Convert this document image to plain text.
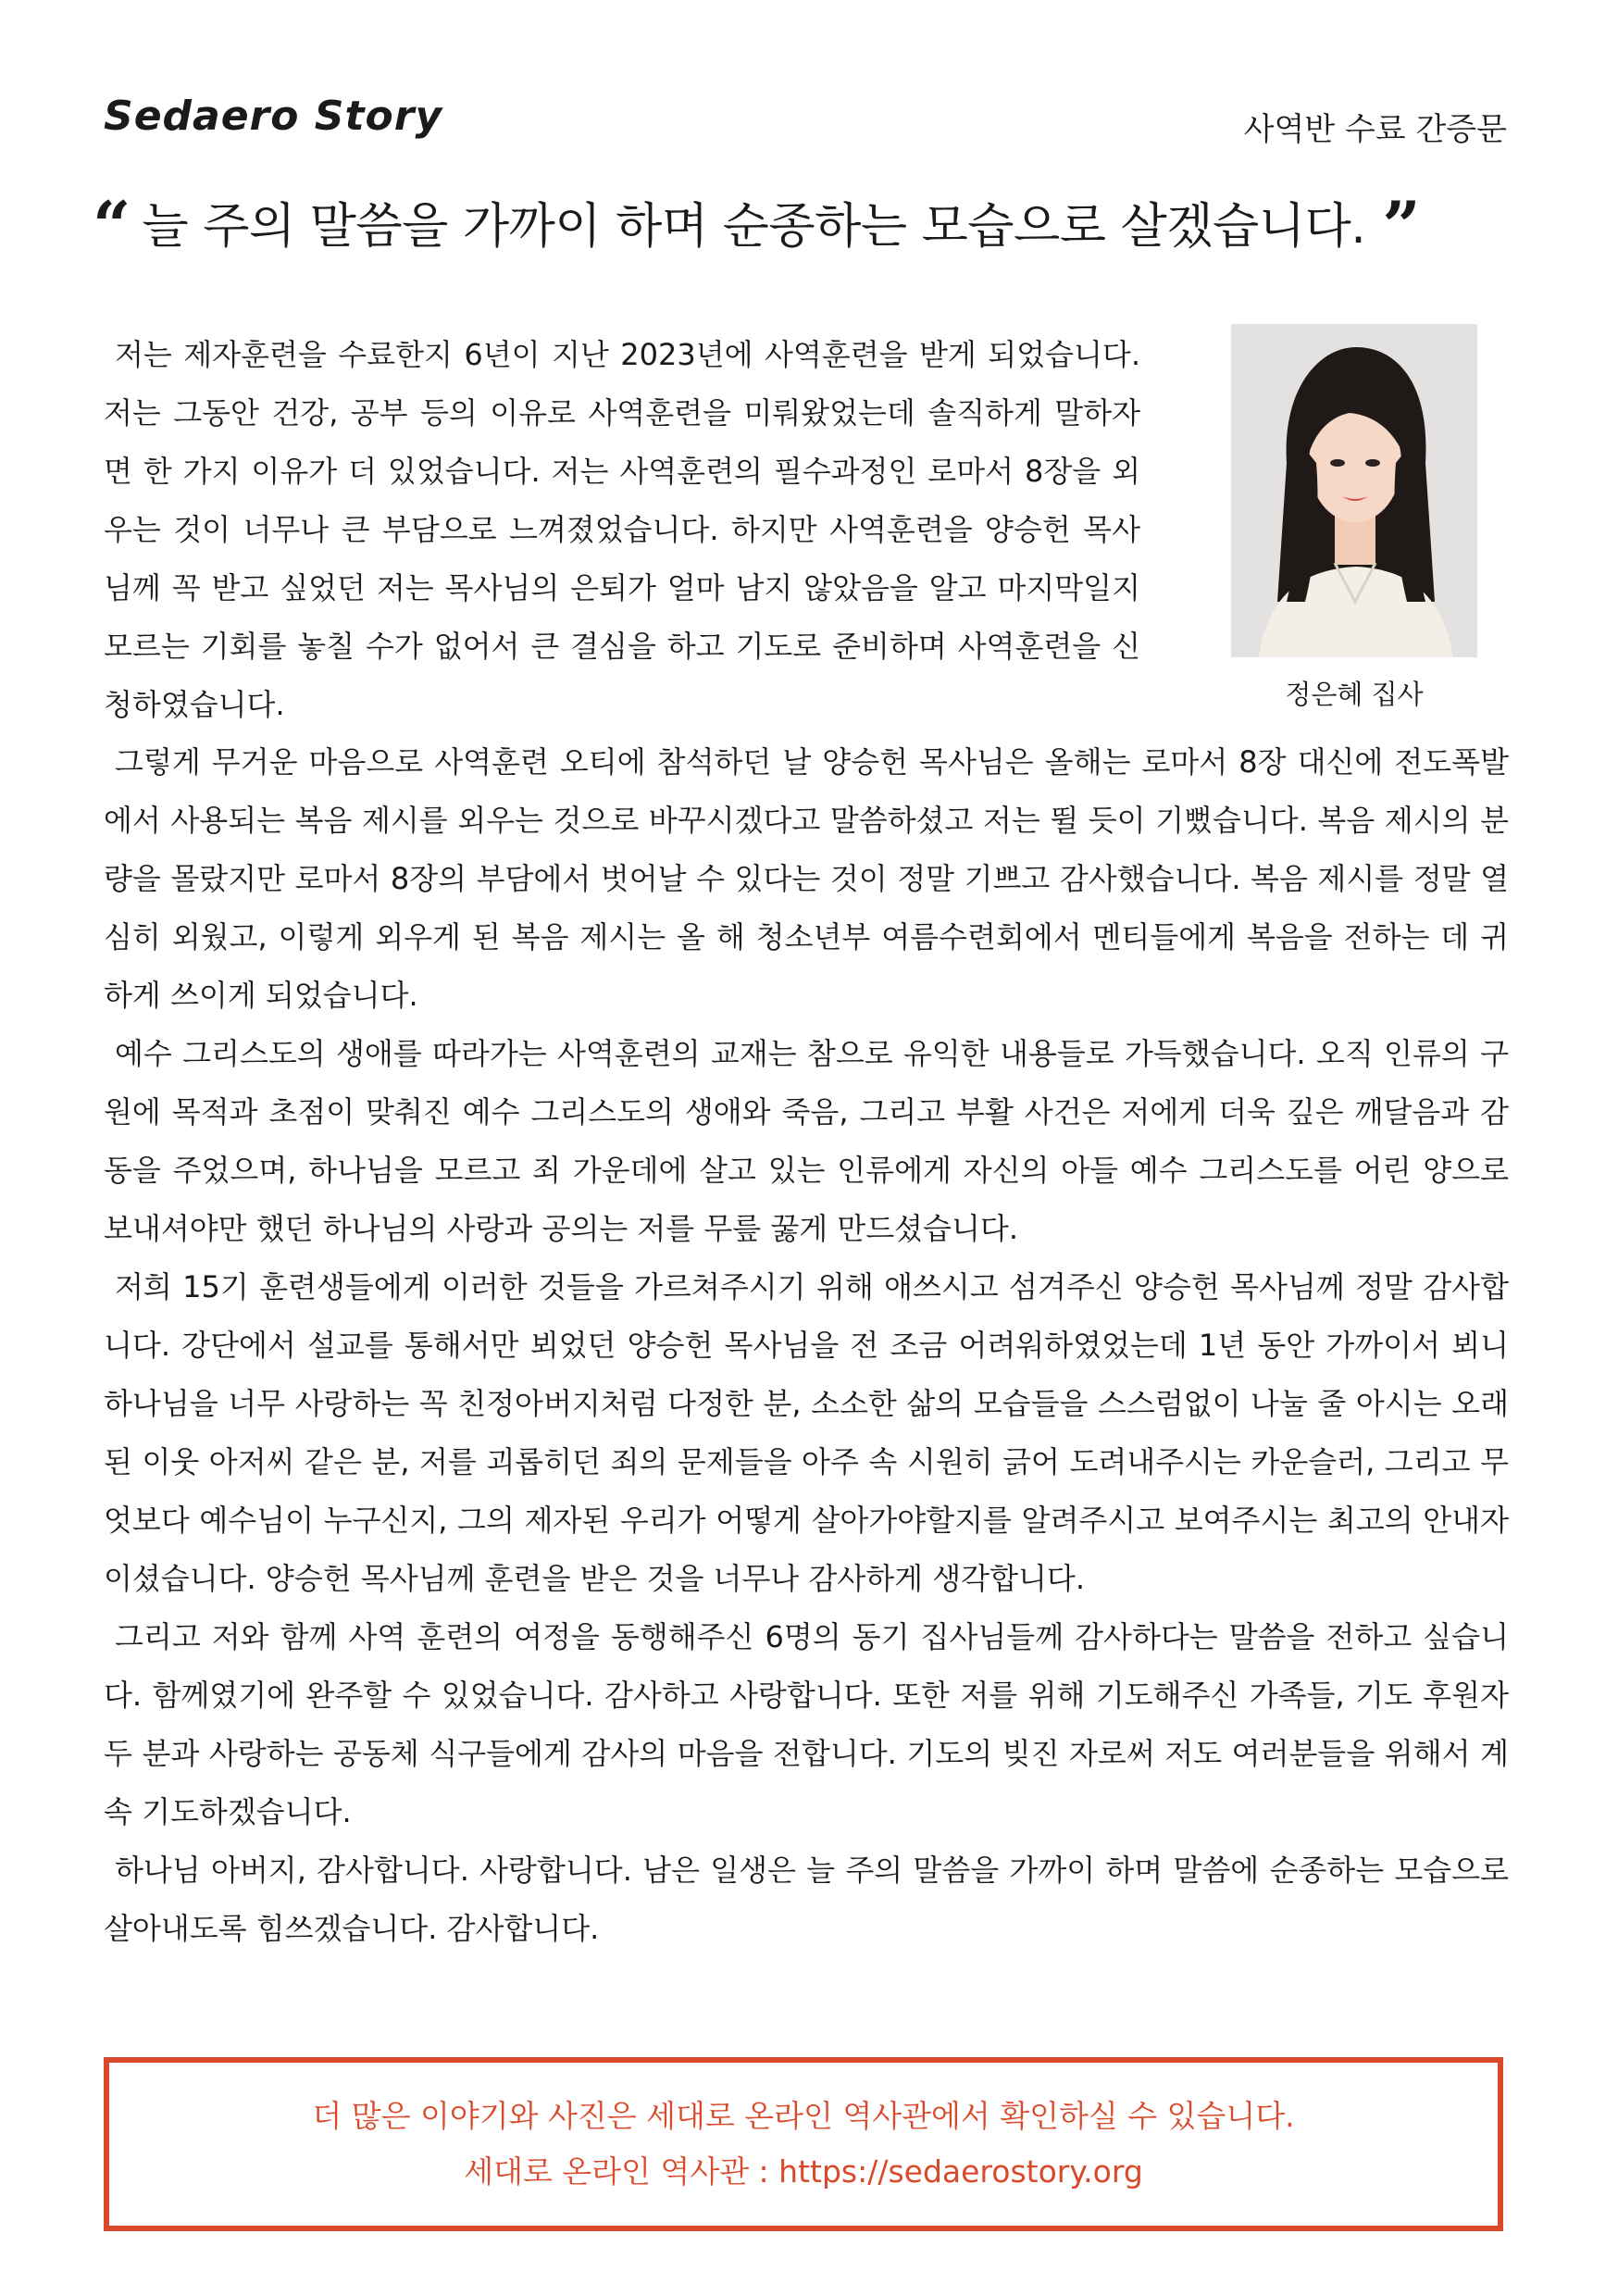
Sedaero Story	사역반 수료 간증문
“ 늘 주의 말씀을 가까이 하며 순종하는 모습으로 살겠습니다. ”
정은혜 집사

저는 제자훈련을 수료한지 6년이 지난 2023년에 사역훈련을 받게 되었습니다. 저는 그동안 건강, 공부 등의 이유로 사역훈련을 미뤄왔었는데 솔직하게 말하자면 한 가지 이유가 더 있었습니다. 저는 사역훈련의 필수과정인 로마서 8장을 외우는 것이 너무나 큰 부담으로 느껴졌었습니다. 하지만 사역훈련을 양승헌 목사님께 꼭 받고 싶었던 저는 목사님의 은퇴가 얼마 남지 않았음을 알고 마지막일지 모르는 기회를 놓칠 수가 없어서 큰 결심을 하고 기도로 준비하며 사역훈련을 신청하였습니다.

그렇게 무거운 마음으로 사역훈련 오티에 참석하던 날 양승헌 목사님은 올해는 로마서 8장 대신에 전도폭발에서 사용되는 복음 제시를 외우는 것으로 바꾸시겠다고 말씀하셨고 저는 뛸 듯이 기뻤습니다. 복음 제시의 분량을 몰랐지만 로마서 8장의 부담에서 벗어날 수 있다는 것이 정말 기쁘고 감사했습니다. 복음 제시를 정말 열심히 외웠고, 이렇게 외우게 된 복음 제시는 올 해 청소년부 여름수련회에서 멘티들에게 복음을 전하는 데 귀하게 쓰이게 되었습니다.

예수 그리스도의 생애를 따라가는 사역훈련의 교재는 참으로 유익한 내용들로 가득했습니다. 오직 인류의 구원에 목적과 초점이 맞춰진 예수 그리스도의 생애와 죽음, 그리고 부활 사건은 저에게 더욱 깊은 깨달음과 감동을 주었으며, 하나님을 모르고 죄 가운데에 살고 있는 인류에게 자신의 아들 예수 그리스도를 어린 양으로 보내셔야만 했던 하나님의 사랑과 공의는 저를 무릎 꿇게 만드셨습니다.

저희 15기 훈련생들에게 이러한 것들을 가르쳐주시기 위해 애쓰시고 섬겨주신 양승헌 목사님께 정말 감사합니다. 강단에서 설교를 통해서만 뵈었던 양승헌 목사님을 전 조금 어려워하였었는데 1년 동안 가까이서 뵈니 하나님을 너무 사랑하는 꼭 친정아버지처럼 다정한 분, 소소한 삶의 모습들을 스스럼없이 나눌 줄 아시는 오래된 이웃 아저씨 같은 분, 저를 괴롭히던 죄의 문제들을 아주 속 시원히 긁어 도려내주시는 카운슬러, 그리고 무엇보다 예수님이 누구신지, 그의 제자된 우리가 어떻게 살아가야할지를 알려주시고 보여주시는 최고의 안내자이셨습니다. 양승헌 목사님께 훈련을 받은 것을 너무나 감사하게 생각합니다.

그리고 저와 함께 사역 훈련의 여정을 동행해주신 6명의 동기 집사님들께 감사하다는 말씀을 전하고 싶습니다. 함께였기에 완주할 수 있었습니다. 감사하고 사랑합니다. 또한 저를 위해 기도해주신 가족들, 기도 후원자 두 분과 사랑하는 공동체 식구들에게 감사의 마음을 전합니다. 기도의 빚진 자로써 저도 여러분들을 위해서 계속 기도하겠습니다.

하나님 아버지, 감사합니다. 사랑합니다. 남은 일생은 늘 주의 말씀을 가까이 하며 말씀에 순종하는 모습으로 살아내도록 힘쓰겠습니다. 감사합니다.

더 많은 이야기와 사진은 세대로 온라인 역사관에서 확인하실 수 있습니다.
세대로 온라인 역사관 : https://sedaerostory.org
